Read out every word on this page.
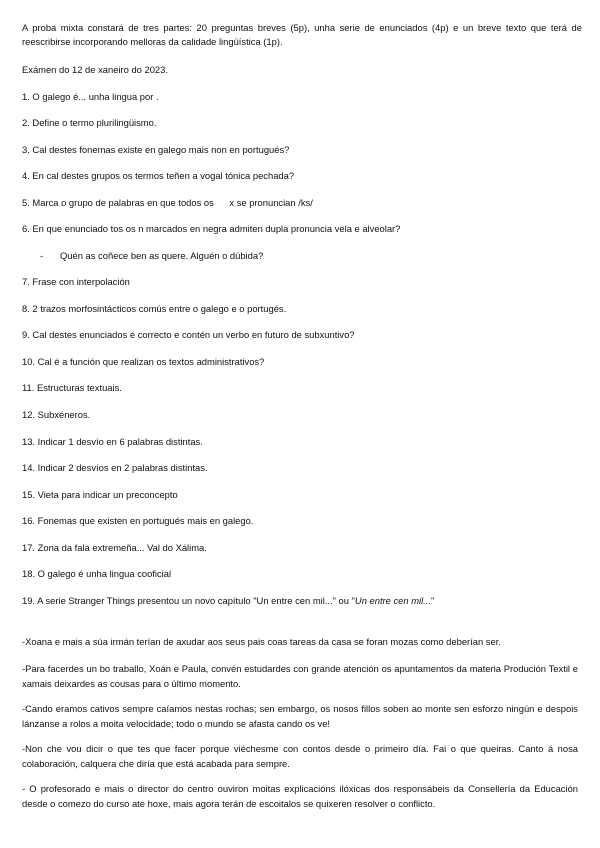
A proba mixta constará de tres partes: 20 preguntas breves (5p), unha serie de enunciados (4p) e un breve texto que terá de reescribirse incorporando melloras da calidade lingüística (1p).
Exámen do 12 de xaneiro do 2023.
1. O galego é... unha lingua por .
2. Define o termo plurilingüismo.
3. Cal destes fonemas existe en galego mais non en portugués?
4. En cal destes grupos os termos teñen a vogal tónica pechada?
5. Marca o grupo de palabras en que todos os      x se pronuncian /ks/
6. En que enunciado tos os n marcados en negra admiten dupla pronuncia vela e alveolar?
- Quén as coñece ben as quere. Alguén o dúbida?
7. Frase con interpolación
8. 2 trazos morfosintácticos comús entre o galego e o portugés.
9. Cal destes enunciados é correcto e contén un verbo en futuro de subxuntivo?
10. Cal é a función que realizan os textos administrativos?
11. Estructuras textuais.
12. Subxéneros.
13. Indicar 1 desvío en 6 palabras distintas.
14. Indicar 2 desvíos en 2 palabras distintas.
15. Vieta para indicar un preconcepto
16. Fonemas que existen en portugués mais en galego.
17. Zona da fala extremeña... Val do Xálima.
18. O galego é unha lingua cooficial
19. A serie Stranger Things presentou un novo capítulo "Un entre cen mil..." ou "Un entre cen mil..."
-Xoana e mais a súa irmán terían de axudar aos seus pais coas tareas da casa se foran mozas como deberían ser.
-Para facerdes un bo traballo, Xoán e Paula, convén estudardes con grande atención os apuntamentos da materia Produción Textil e xamais deixardes as cousas para o último momento.
-Cando eramos cativos sempre caíamos nestas rochas; sen embargo, os nosos fillos soben ao monte sen esforzo ningún e despois lánzanse a rolos a moita velocidade; todo o mundo se afasta cando os ve!
-Non che vou dicir o que tes que facer porque viéchesme con contos desde o primeiro día. Fai o que queiras. Canto á nosa colaboración, calquera che diría que está acabada para sempre.
- O profesorado e mais o director do centro ouviron moitas explicacións ilóxicas dos responsábeis da Consellería da Educación desde o comezo do curso ate hoxe, mais agora terán de escoitalos se quixeren resolver o conflicto.
